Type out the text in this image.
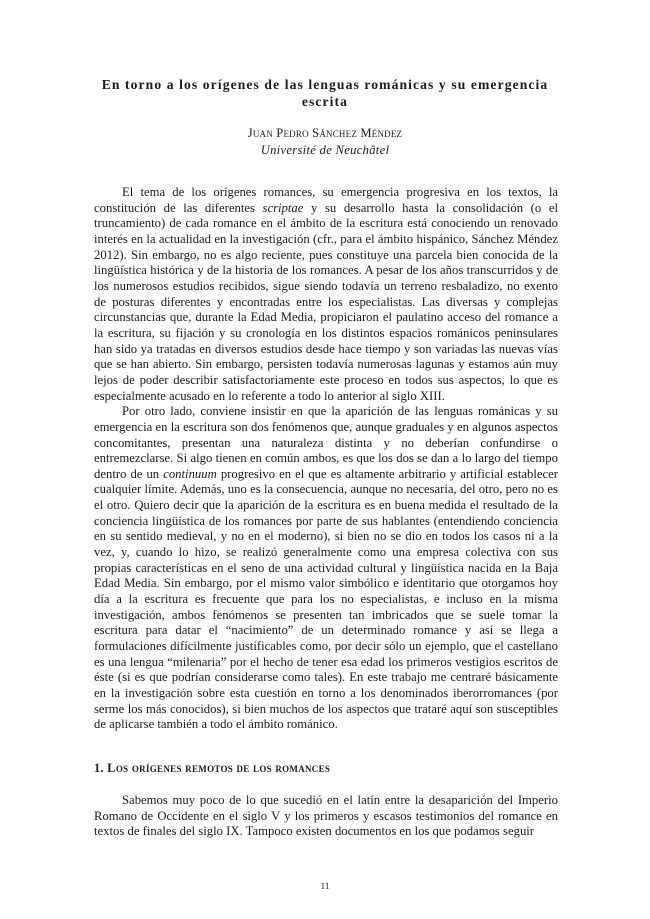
En torno a los orígenes de las lenguas románicas y su emergencia escrita
Juan Pedro Sánchez Méndez
Université de Neuchâtel

El tema de los orígenes romances, su emergencia progresiva en los textos, la constitución de las diferentes scriptae y su desarrollo hasta la consolidación (o el truncamiento) de cada romance en el ámbito de la escritura está conociendo un renovado interés en la actualidad en la investigación (cfr., para el ámbito hispánico, Sánchez Méndez 2012). Sin embargo, no es algo reciente, pues constituye una parcela bien conocida de la lingüística histórica y de la historia de los romances. A pesar de los años transcurridos y de los numerosos estudios recibidos, sigue siendo todavía un terreno resbaladizo, no exento de posturas diferentes y encontradas entre los especialistas. Las diversas y complejas circunstancias que, durante la Edad Media, propiciaron el paulatino acceso del romance a la escritura, su fijación y su cronología en los distintos espacios románicos peninsulares han sido ya tratadas en diversos estudios desde hace tiempo y son variadas las nuevas vías que se han abierto. Sin embargo, persisten todavía numerosas lagunas y estamos aún muy lejos de poder describir satisfactoriamente este proceso en todos sus aspectos, lo que es especialmente acusado en lo referente a todo lo anterior al siglo XIII.

Por otro lado, conviene insistir en que la aparición de las lenguas románicas y su emergencia en la escritura son dos fenómenos que, aunque graduales y en algunos aspectos concomitantes, presentan una naturaleza distinta y no deberían confundirse o entremezclarse. Si algo tienen en común ambos, es que los dos se dan a lo largo del tiempo dentro de un continuum progresivo en el que es altamente arbitrario y artificial establecer cualquier límite. Además, uno es la consecuencia, aunque no necesaria, del otro, pero no es el otro. Quiero decir que la aparición de la escritura es en buena medida el resultado de la conciencia lingüística de los romances por parte de sus hablantes (entendiendo conciencia en su sentido medieval, y no en el moderno), si bien no se dio en todos los casos ni a la vez, y, cuando lo hizo, se realizó generalmente como una empresa colectiva con sus propias características en el seno de una actividad cultural y lingüística nacida en la Baja Edad Media. Sin embargo, por el mismo valor simbólico e identitario que otorgamos hoy día a la escritura es frecuente que para los no especialistas, e incluso en la misma investigación, ambos fenómenos se presenten tan imbricados que se suele tomar la escritura para datar el “nacimiento” de un determinado romance y así se llega a formulaciones difícilmente justificables como, por decir sólo un ejemplo, que el castellano es una lengua “milenaria” por el hecho de tener esa edad los primeros vestigios escritos de éste (si es que podrían considerarse como tales). En este trabajo me centraré básicamente en la investigación sobre esta cuestión en torno a los denominados iberorromances (por serme los más conocidos), si bien muchos de los aspectos que trataré aquí son susceptibles de aplicarse también a todo el ámbito románico.

1. Los orígenes remotos de los romances

Sabemos muy poco de lo que sucedió en el latín entre la desaparición del Imperio Romano de Occidente en el siglo V y los primeros y escasos testimonios del romance en textos de finales del siglo IX. Tampoco existen documentos en los que podamos seguir

11
